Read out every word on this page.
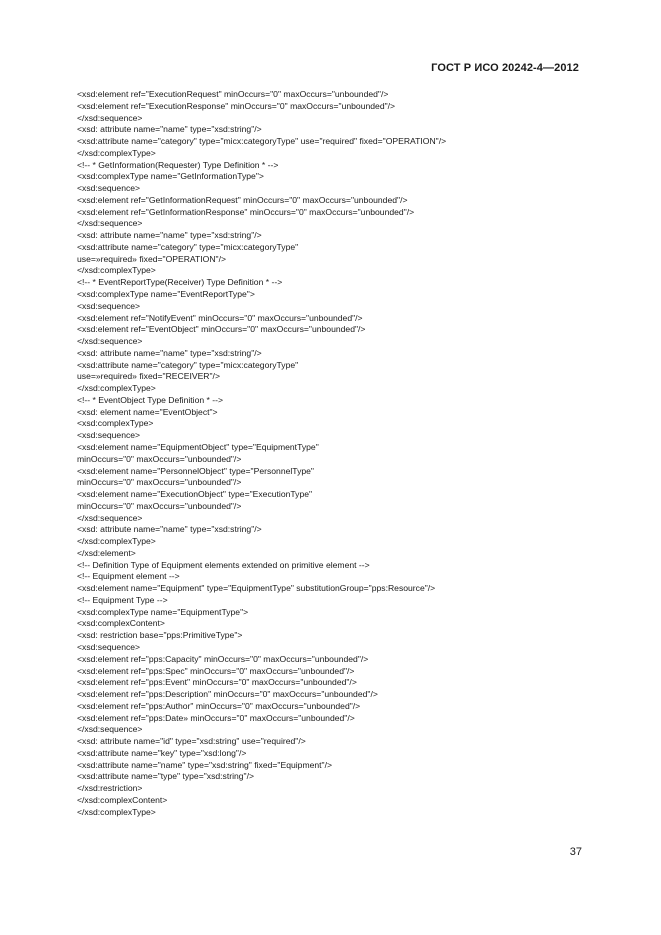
ГОСТ Р ИСО 20242-4—2012
<xsd:element ref="ExecutionRequest" minOccurs="0" maxOccurs="unbounded"/>
<xsd:element ref="ExecutionResponse" minOccurs="0" maxOccurs="unbounded"/>
</xsd:sequence>
<xsd: attribute name="name" type="xsd:string"/>
<xsd:attribute name="category" type="micx:categoryType" use="required" fixed="OPERATION"/>
</xsd:complexType>
<!-- * GetInformation(Requester) Type Definition * -->
<xsd:complexType name="GetInformationType">
<xsd:sequence>
<xsd:element ref="GetInformationRequest" minOccurs="0" maxOccurs="unbounded"/>
<xsd:element ref="GetInformationResponse" minOccurs="0" maxOccurs="unbounded"/>
</xsd:sequence>
<xsd: attribute name="name" type="xsd:string"/>
<xsd:attribute name="category" type="micx:categoryType"
use=»required» fixed="OPERATION"/>
</xsd:complexType>
<!-- * EventReportType(Receiver) Type Definition * -->
<xsd:complexType name="EventReportType">
<xsd:sequence>
<xsd:element ref="NotifyEvent" minOccurs="0" maxOccurs="unbounded"/>
<xsd:element ref="EventObject" minOccurs="0" maxOccurs="unbounded"/>
</xsd:sequence>
<xsd: attribute name="name" type="xsd:string"/>
<xsd:attribute name="category" type="micx:categoryType"
use=»required» fixed="RECEIVER"/>
</xsd:complexType>
<!-- * EventObject Type Definition * -->
<xsd: element name="EventObject">
<xsd:complexType>
<xsd:sequence>
<xsd:element name="EquipmentObject" type="EquipmentType"
minOccurs="0" maxOccurs="unbounded"/>
<xsd:element name="PersonnelObject" type="PersonnelType"
minOccurs="0" maxOccurs="unbounded"/>
<xsd:element name="ExecutionObject" type="ExecutionType"
minOccurs="0" maxOccurs="unbounded"/>
</xsd:sequence>
<xsd: attribute name="name" type="xsd:string"/>
</xsd:complexType>
</xsd:element>
<!-- Definition Type of Equipment elements extended on primitive element -->
<!-- Equipment element -->
<xsd:element name="Equipment" type="EquipmentType" substitutionGroup="pps:Resource"/>
<!-- Equipment Type -->
<xsd:complexType name="EquipmentType">
<xsd:complexContent>
<xsd: restriction base="pps:PrimitiveType">
<xsd:sequence>
<xsd:element ref="pps:Capacity" minOccurs="0" maxOccurs="unbounded"/>
<xsd:element ref="pps:Spec" minOccurs="0" maxOccurs="unbounded"/>
<xsd:element ref="pps:Event" minOccurs="0" maxOccurs="unbounded"/>
<xsd:element ref="pps:Description" minOccurs="0" maxOccurs="unbounded"/>
<xsd:element ref="pps:Author" minOccurs="0" maxOccurs="unbounded"/>
<xsd:element ref="pps:Date» minOccurs="0" maxOccurs="unbounded"/>
</xsd:sequence>
<xsd: attribute name="id" type="xsd:string" use="required"/>
<xsd:attribute name="key" type="xsd:long"/>
<xsd:attribute name="name" type="xsd:string" fixed="Equipment"/>
<xsd:attribute name="type" type="xsd:string"/>
</xsd:restriction>
</xsd:complexContent>
</xsd:complexType>
37
